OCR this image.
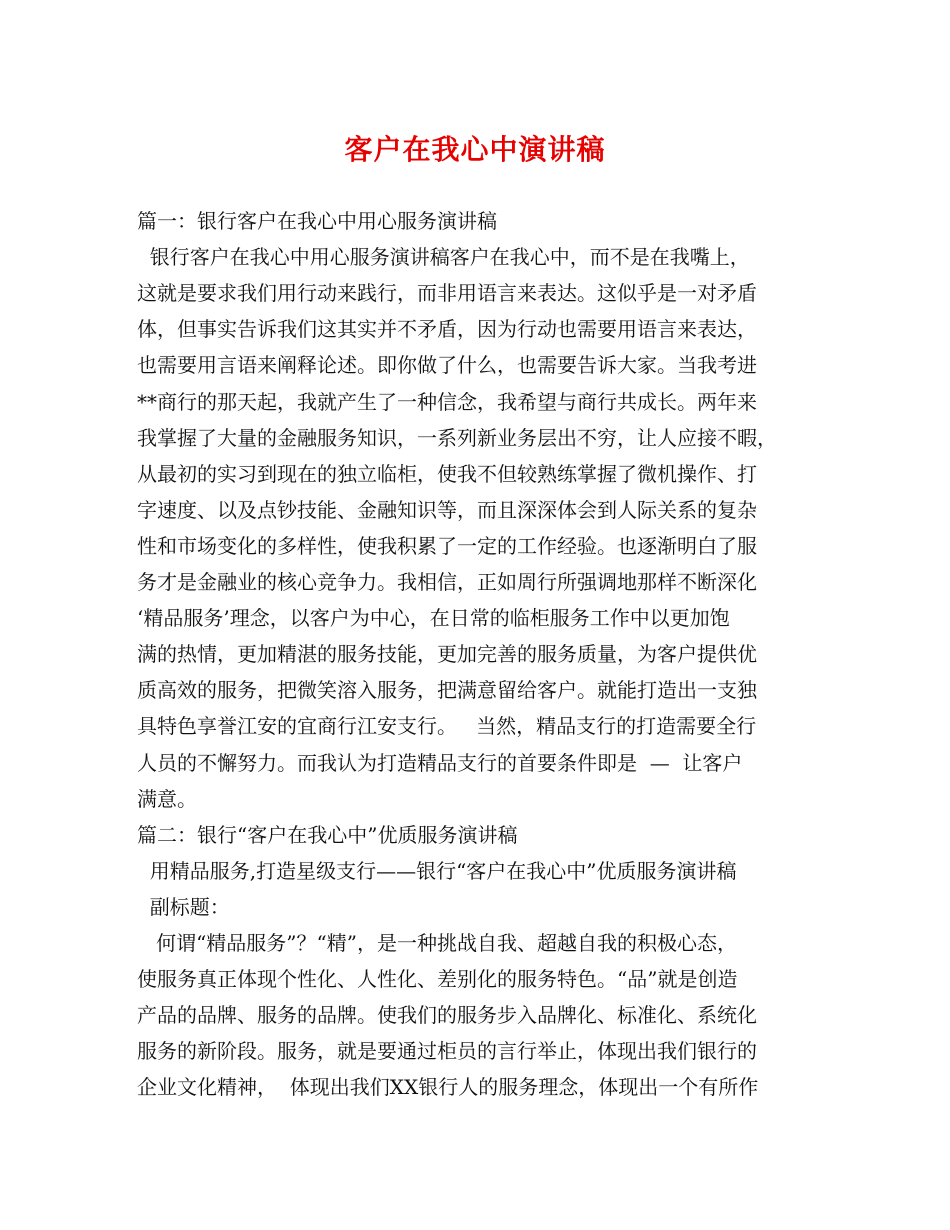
客户在我心中演讲稿
篇一：银行客户在我心中用心服务演讲稿
银行客户在我心中用心服务演讲稿客户在我心中，而不是在我嘴上，
这就是要求我们用行动来践行，而非用语言来表达。这似乎是一对矛盾
体，但事实告诉我们这其实并不矛盾，因为行动也需要用语言来表达，
也需要用言语来阐释论述。即你做了什么，也需要告诉大家。当我考进
**商行的那天起，我就产生了一种信念，我希望与商行共成长。两年来
我掌握了大量的金融服务知识，一系列新业务层出不穷，让人应接不暇，
从最初的实习到现在的独立临柜，使我不但较熟练掌握了微机操作、打
字速度、以及点钞技能、金融知识等，而且深深体会到人际关系的复杂
性和市场变化的多样性，使我积累了一定的工作经验。也逐渐明白了服
务才是金融业的核心竞争力。我相信，正如周行所强调地那样不断深化
‘精品服务’理念，以客户为中心，在日常的临柜服务工作中以更加饱
满的热情，更加精湛的服务技能，更加完善的服务质量，为客户提供优
质高效的服务，把微笑溶入服务，把满意留给客户。就能打造出一支独
具特色享誉江安的宜商行江安支行。   当然，精品支行的打造需要全行
人员的不懈努力。而我认为打造精品支行的首要条件即是  —  让客户
满意。
篇二：银行“客户在我心中”优质服务演讲稿
用精品服务,打造星级支行——银行“客户在我心中”优质服务演讲稿
副标题：
何谓“精品服务”？“精”，是一种挑战自我、超越自我的积极心态，
使服务真正体现个性化、人性化、差别化的服务特色。“品”就是创造
产品的品牌、服务的品牌。使我们的服务步入品牌化、标准化、系统化
服务的新阶段。服务，就是要通过柜员的言行举止，体现出我们银行的
企业文化精神，  体现出我们XX银行人的服务理念，体现出一个有所作
